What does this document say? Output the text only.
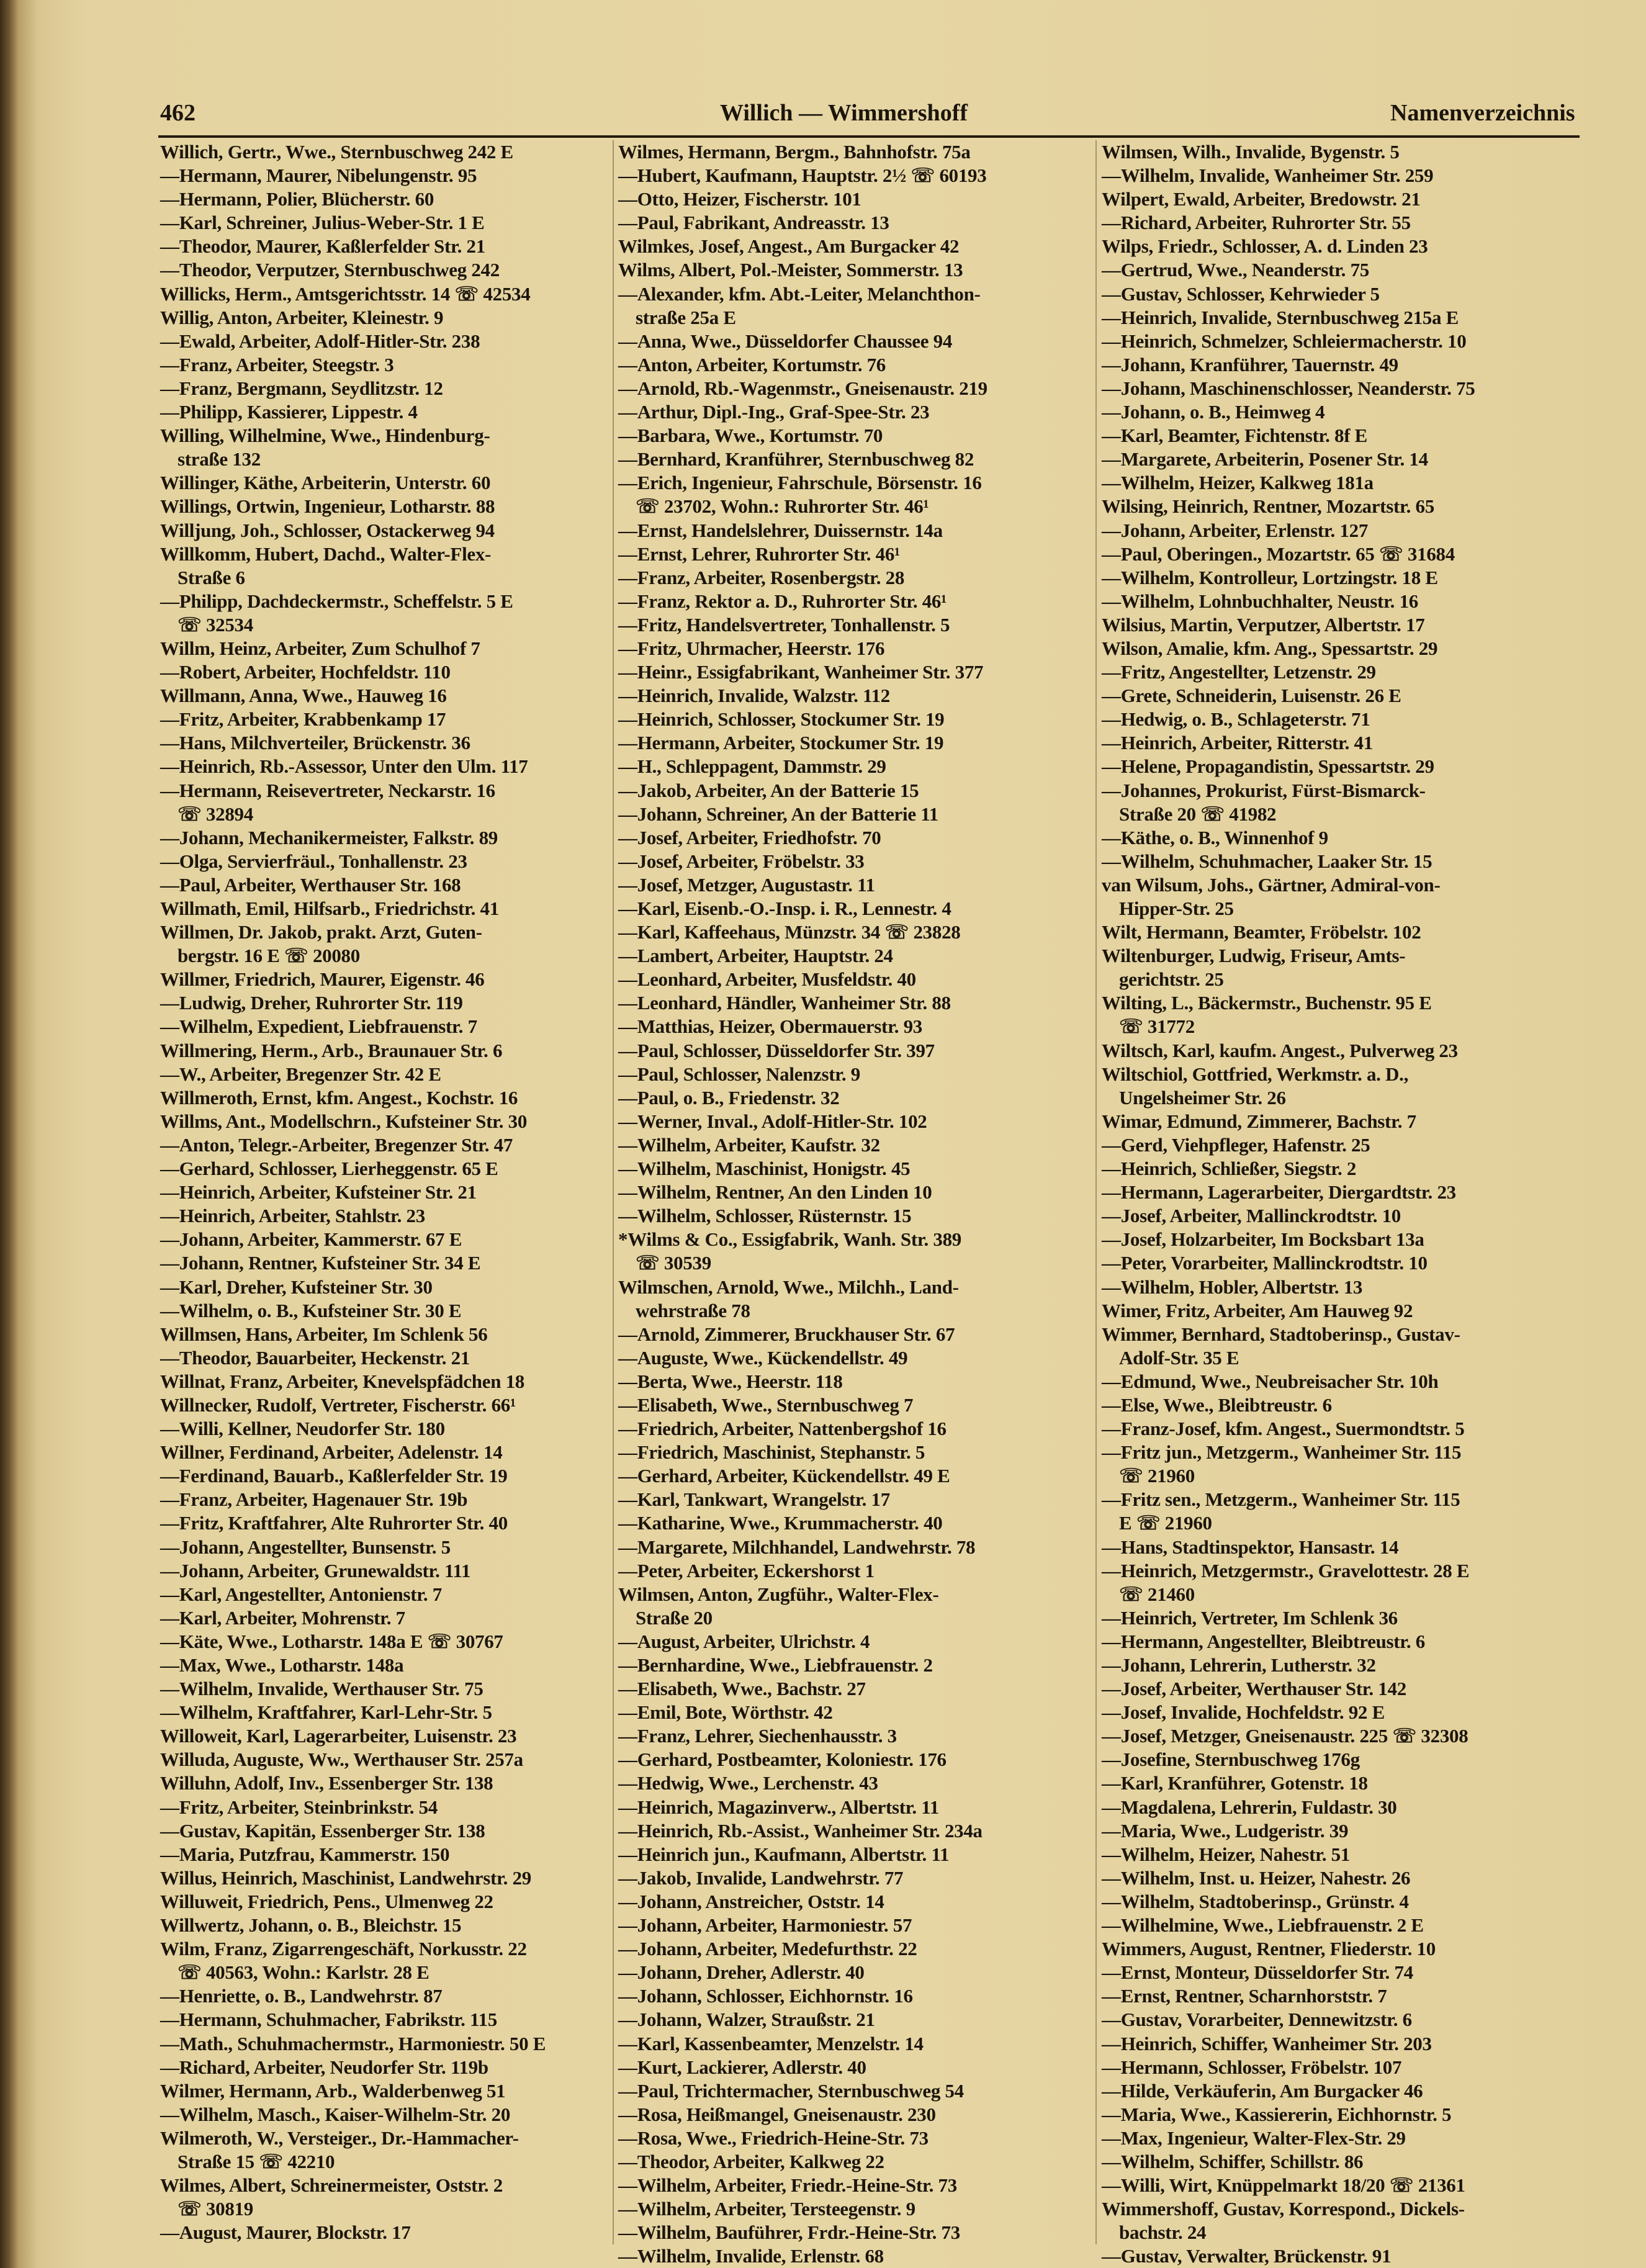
462	Willich — Wimmershoff	Namenverzeichnis
Willich, Gertr., Wwe., Sternbuschweg 242 E
—Hermann, Maurer, Nibelungenstr. 95
—Hermann, Polier, Blücherstr. 60
—Karl, Schreiner, Julius-Weber-Str. 1 E
—Theodor, Maurer, Kaßlerfelder Str. 21
—Theodor, Verputzer, Sternbuschweg 242
Willicks, Herm., Amtsgerichtsstr. 14 ☏ 42534
Willig, Anton, Arbeiter, Kleinestr. 9
—Ewald, Arbeiter, Adolf-Hitler-Str. 238
—Franz, Arbeiter, Steegstr. 3
—Franz, Bergmann, Seydlitzstr. 12
—Philipp, Kassierer, Lippestr. 4
Willing, Wilhelmine, Wwe., Hindenburg-
straße 132
Willinger, Käthe, Arbeiterin, Unterstr. 60
Willings, Ortwin, Ingenieur, Lotharstr. 88
Willjung, Joh., Schlosser, Ostackerweg 94
Willkomm, Hubert, Dachd., Walter-Flex-
Straße 6
—Philipp, Dachdeckermstr., Scheffelstr. 5 E
☏ 32534
Willm, Heinz, Arbeiter, Zum Schulhof 7
—Robert, Arbeiter, Hochfeldstr. 110
Willmann, Anna, Wwe., Hauweg 16
—Fritz, Arbeiter, Krabbenkamp 17
—Hans, Milchverteiler, Brückenstr. 36
—Heinrich, Rb.-Assessor, Unter den Ulm. 117
—Hermann, Reisevertreter, Neckarstr. 16
☏ 32894
—Johann, Mechanikermeister, Falkstr. 89
—Olga, Servierfräul., Tonhallenstr. 23
—Paul, Arbeiter, Werthauser Str. 168
Willmath, Emil, Hilfsarb., Friedrichstr. 41
Willmen, Dr. Jakob, prakt. Arzt, Guten-
bergstr. 16 E ☏ 20080
Willmer, Friedrich, Maurer, Eigenstr. 46
—Ludwig, Dreher, Ruhrorter Str. 119
—Wilhelm, Expedient, Liebfrauenstr. 7
Willmering, Herm., Arb., Braunauer Str. 6
—W., Arbeiter, Bregenzer Str. 42 E
Willmeroth, Ernst, kfm. Angest., Kochstr. 16
Willms, Ant., Modellschrn., Kufsteiner Str. 30
—Anton, Telegr.-Arbeiter, Bregenzer Str. 47
—Gerhard, Schlosser, Lierheggenstr. 65 E
—Heinrich, Arbeiter, Kufsteiner Str. 21
—Heinrich, Arbeiter, Stahlstr. 23
—Johann, Arbeiter, Kammerstr. 67 E
—Johann, Rentner, Kufsteiner Str. 34 E
—Karl, Dreher, Kufsteiner Str. 30
—Wilhelm, o. B., Kufsteiner Str. 30 E
Willmsen, Hans, Arbeiter, Im Schlenk 56
—Theodor, Bauarbeiter, Heckenstr. 21
Willnat, Franz, Arbeiter, Knevelspfädchen 18
Willnecker, Rudolf, Vertreter, Fischerstr. 66¹
—Willi, Kellner, Neudorfer Str. 180
Willner, Ferdinand, Arbeiter, Adelenstr. 14
—Ferdinand, Bauarb., Kaßlerfelder Str. 19
—Franz, Arbeiter, Hagenauer Str. 19b
—Fritz, Kraftfahrer, Alte Ruhrorter Str. 40
—Johann, Angestellter, Bunsenstr. 5
—Johann, Arbeiter, Grunewaldstr. 111
—Karl, Angestellter, Antonienstr. 7
—Karl, Arbeiter, Mohrenstr. 7
—Käte, Wwe., Lotharstr. 148a E ☏ 30767
—Max, Wwe., Lotharstr. 148a
—Wilhelm, Invalide, Werthauser Str. 75
—Wilhelm, Kraftfahrer, Karl-Lehr-Str. 5
Willoweit, Karl, Lagerarbeiter, Luisenstr. 23
Willuda, Auguste, Ww., Werthauser Str. 257a
Willuhn, Adolf, Inv., Essenberger Str. 138
—Fritz, Arbeiter, Steinbrinkstr. 54
—Gustav, Kapitän, Essenberger Str. 138
—Maria, Putzfrau, Kammerstr. 150
Willus, Heinrich, Maschinist, Landwehrstr. 29
Willuweit, Friedrich, Pens., Ulmenweg 22
Willwertz, Johann, o. B., Bleichstr. 15
Wilm, Franz, Zigarrengeschäft, Norkusstr. 22
☏ 40563, Wohn.: Karlstr. 28 E
—Henriette, o. B., Landwehrstr. 87
—Hermann, Schuhmacher, Fabrikstr. 115
—Math., Schuhmachermstr., Harmoniestr. 50 E
—Richard, Arbeiter, Neudorfer Str. 119b
Wilmer, Hermann, Arb., Walderbenweg 51
—Wilhelm, Masch., Kaiser-Wilhelm-Str. 20
Wilmeroth, W., Versteiger., Dr.-Hammacher-
Straße 15 ☏ 42210
Wilmes, Albert, Schreinermeister, Oststr. 2
☏ 30819
—August, Maurer, Blockstr. 17
Wilmes, Hermann, Bergm., Bahnhofstr. 75a
—Hubert, Kaufmann, Hauptstr. 2½ ☏ 60193
—Otto, Heizer, Fischerstr. 101
—Paul, Fabrikant, Andreasstr. 13
Wilmkes, Josef, Angest., Am Burgacker 42
Wilms, Albert, Pol.-Meister, Sommerstr. 13
—Alexander, kfm. Abt.-Leiter, Melanchthon-
straße 25a E
—Anna, Wwe., Düsseldorfer Chaussee 94
—Anton, Arbeiter, Kortumstr. 76
—Arnold, Rb.-Wagenmstr., Gneisenaustr. 219
—Arthur, Dipl.-Ing., Graf-Spee-Str. 23
—Barbara, Wwe., Kortumstr. 70
—Bernhard, Kranführer, Sternbuschweg 82
—Erich, Ingenieur, Fahrschule, Börsenstr. 16
☏ 23702, Wohn.: Ruhrorter Str. 46¹
—Ernst, Handelslehrer, Duissernstr. 14a
—Ernst, Lehrer, Ruhrorter Str. 46¹
—Franz, Arbeiter, Rosenbergstr. 28
—Franz, Rektor a. D., Ruhrorter Str. 46¹
—Fritz, Handelsvertreter, Tonhallenstr. 5
—Fritz, Uhrmacher, Heerstr. 176
—Heinr., Essigfabrikant, Wanheimer Str. 377
—Heinrich, Invalide, Walzstr. 112
—Heinrich, Schlosser, Stockumer Str. 19
—Hermann, Arbeiter, Stockumer Str. 19
—H., Schleppagent, Dammstr. 29
—Jakob, Arbeiter, An der Batterie 15
—Johann, Schreiner, An der Batterie 11
—Josef, Arbeiter, Friedhofstr. 70
—Josef, Arbeiter, Fröbelstr. 33
—Josef, Metzger, Augustastr. 11
—Karl, Eisenb.-O.-Insp. i. R., Lennestr. 4
—Karl, Kaffeehaus, Münzstr. 34 ☏ 23828
—Lambert, Arbeiter, Hauptstr. 24
—Leonhard, Arbeiter, Musfeldstr. 40
—Leonhard, Händler, Wanheimer Str. 88
—Matthias, Heizer, Obermauerstr. 93
—Paul, Schlosser, Düsseldorfer Str. 397
—Paul, Schlosser, Nalenzstr. 9
—Paul, o. B., Friedenstr. 32
—Werner, Inval., Adolf-Hitler-Str. 102
—Wilhelm, Arbeiter, Kaufstr. 32
—Wilhelm, Maschinist, Honigstr. 45
—Wilhelm, Rentner, An den Linden 10
—Wilhelm, Schlosser, Rüsternstr. 15
*Wilms & Co., Essigfabrik, Wanh. Str. 389
☏ 30539
Wilmschen, Arnold, Wwe., Milchh., Land-
wehrstraße 78
—Arnold, Zimmerer, Bruckhauser Str. 67
—Auguste, Wwe., Kückendellstr. 49
—Berta, Wwe., Heerstr. 118
—Elisabeth, Wwe., Sternbuschweg 7
—Friedrich, Arbeiter, Nattenbergshof 16
—Friedrich, Maschinist, Stephanstr. 5
—Gerhard, Arbeiter, Kückendellstr. 49 E
—Karl, Tankwart, Wrangelstr. 17
—Katharine, Wwe., Krummacherstr. 40
—Margarete, Milchhandel, Landwehrstr. 78
—Peter, Arbeiter, Eckershorst 1
Wilmsen, Anton, Zugführ., Walter-Flex-
Straße 20
—August, Arbeiter, Ulrichstr. 4
—Bernhardine, Wwe., Liebfrauenstr. 2
—Elisabeth, Wwe., Bachstr. 27
—Emil, Bote, Wörthstr. 42
—Franz, Lehrer, Siechenhausstr. 3
—Gerhard, Postbeamter, Koloniestr. 176
—Hedwig, Wwe., Lerchenstr. 43
—Heinrich, Magazinverw., Albertstr. 11
—Heinrich, Rb.-Assist., Wanheimer Str. 234a
—Heinrich jun., Kaufmann, Albertstr. 11
—Jakob, Invalide, Landwehrstr. 77
—Johann, Anstreicher, Oststr. 14
—Johann, Arbeiter, Harmoniestr. 57
—Johann, Arbeiter, Medefurthstr. 22
—Johann, Dreher, Adlerstr. 40
—Johann, Schlosser, Eichhornstr. 16
—Johann, Walzer, Straußstr. 21
—Karl, Kassenbeamter, Menzelstr. 14
—Kurt, Lackierer, Adlerstr. 40
—Paul, Trichtermacher, Sternbuschweg 54
—Rosa, Heißmangel, Gneisenaustr. 230
—Rosa, Wwe., Friedrich-Heine-Str. 73
—Theodor, Arbeiter, Kalkweg 22
—Wilhelm, Arbeiter, Friedr.-Heine-Str. 73
—Wilhelm, Arbeiter, Tersteegenstr. 9
—Wilhelm, Bauführer, Frdr.-Heine-Str. 73
—Wilhelm, Invalide, Erlenstr. 68
Wilmsen, Wilh., Invalide, Bygenstr. 5
—Wilhelm, Invalide, Wanheimer Str. 259
Wilpert, Ewald, Arbeiter, Bredowstr. 21
—Richard, Arbeiter, Ruhrorter Str. 55
Wilps, Friedr., Schlosser, A. d. Linden 23
—Gertrud, Wwe., Neanderstr. 75
—Gustav, Schlosser, Kehrwieder 5
—Heinrich, Invalide, Sternbuschweg 215a E
—Heinrich, Schmelzer, Schleiermacherstr. 10
—Johann, Kranführer, Tauernstr. 49
—Johann, Maschinenschlosser, Neanderstr. 75
—Johann, o. B., Heimweg 4
—Karl, Beamter, Fichtenstr. 8f E
—Margarete, Arbeiterin, Posener Str. 14
—Wilhelm, Heizer, Kalkweg 181a
Wilsing, Heinrich, Rentner, Mozartstr. 65
—Johann, Arbeiter, Erlenstr. 127
—Paul, Oberingen., Mozartstr. 65 ☏ 31684
—Wilhelm, Kontrolleur, Lortzingstr. 18 E
—Wilhelm, Lohnbuchhalter, Neustr. 16
Wilsius, Martin, Verputzer, Albertstr. 17
Wilson, Amalie, kfm. Ang., Spessartstr. 29
—Fritz, Angestellter, Letzenstr. 29
—Grete, Schneiderin, Luisenstr. 26 E
—Hedwig, o. B., Schlageterstr. 71
—Heinrich, Arbeiter, Ritterstr. 41
—Helene, Propagandistin, Spessartstr. 29
—Johannes, Prokurist, Fürst-Bismarck-
Straße 20 ☏ 41982
—Käthe, o. B., Winnenhof 9
—Wilhelm, Schuhmacher, Laaker Str. 15
van Wilsum, Johs., Gärtner, Admiral-von-
Hipper-Str. 25
Wilt, Hermann, Beamter, Fröbelstr. 102
Wiltenburger, Ludwig, Friseur, Amts-
gerichtstr. 25
Wilting, L., Bäckermstr., Buchenstr. 95 E
☏ 31772
Wiltsch, Karl, kaufm. Angest., Pulverweg 23
Wiltschiol, Gottfried, Werkmstr. a. D.,
Ungelsheimer Str. 26
Wimar, Edmund, Zimmerer, Bachstr. 7
—Gerd, Viehpfleger, Hafenstr. 25
—Heinrich, Schließer, Siegstr. 2
—Hermann, Lagerarbeiter, Diergardtstr. 23
—Josef, Arbeiter, Mallinckrodtstr. 10
—Josef, Holzarbeiter, Im Bocksbart 13a
—Peter, Vorarbeiter, Mallinckrodtstr. 10
—Wilhelm, Hobler, Albertstr. 13
Wimer, Fritz, Arbeiter, Am Hauweg 92
Wimmer, Bernhard, Stadtoberinsp., Gustav-
Adolf-Str. 35 E
—Edmund, Wwe., Neubreisacher Str. 10h
—Else, Wwe., Bleibtreustr. 6
—Franz-Josef, kfm. Angest., Suermondtstr. 5
—Fritz jun., Metzgerm., Wanheimer Str. 115
☏ 21960
—Fritz sen., Metzgerm., Wanheimer Str. 115
E ☏ 21960
—Hans, Stadtinspektor, Hansastr. 14
—Heinrich, Metzgermstr., Gravelottestr. 28 E
☏ 21460
—Heinrich, Vertreter, Im Schlenk 36
—Hermann, Angestellter, Bleibtreustr. 6
—Johann, Lehrerin, Lutherstr. 32
—Josef, Arbeiter, Werthauser Str. 142
—Josef, Invalide, Hochfeldstr. 92 E
—Josef, Metzger, Gneisenaustr. 225 ☏ 32308
—Josefine, Sternbuschweg 176g
—Karl, Kranführer, Gotenstr. 18
—Magdalena, Lehrerin, Fuldastr. 30
—Maria, Wwe., Ludgeristr. 39
—Wilhelm, Heizer, Nahestr. 51
—Wilhelm, Inst. u. Heizer, Nahestr. 26
—Wilhelm, Stadtoberinsp., Grünstr. 4
—Wilhelmine, Wwe., Liebfrauenstr. 2 E
Wimmers, August, Rentner, Fliederstr. 10
—Ernst, Monteur, Düsseldorfer Str. 74
—Ernst, Rentner, Scharnhorststr. 7
—Gustav, Vorarbeiter, Dennewitzstr. 6
—Heinrich, Schiffer, Wanheimer Str. 203
—Hermann, Schlosser, Fröbelstr. 107
—Hilde, Verkäuferin, Am Burgacker 46
—Maria, Wwe., Kassiererin, Eichhornstr. 5
—Max, Ingenieur, Walter-Flex-Str. 29
—Wilhelm, Schiffer, Schillstr. 86
—Willi, Wirt, Knüppelmarkt 18/20 ☏ 21361
Wimmershoff, Gustav, Korrespond., Dickels-
bachstr. 24
—Gustav, Verwalter, Brückenstr. 91
